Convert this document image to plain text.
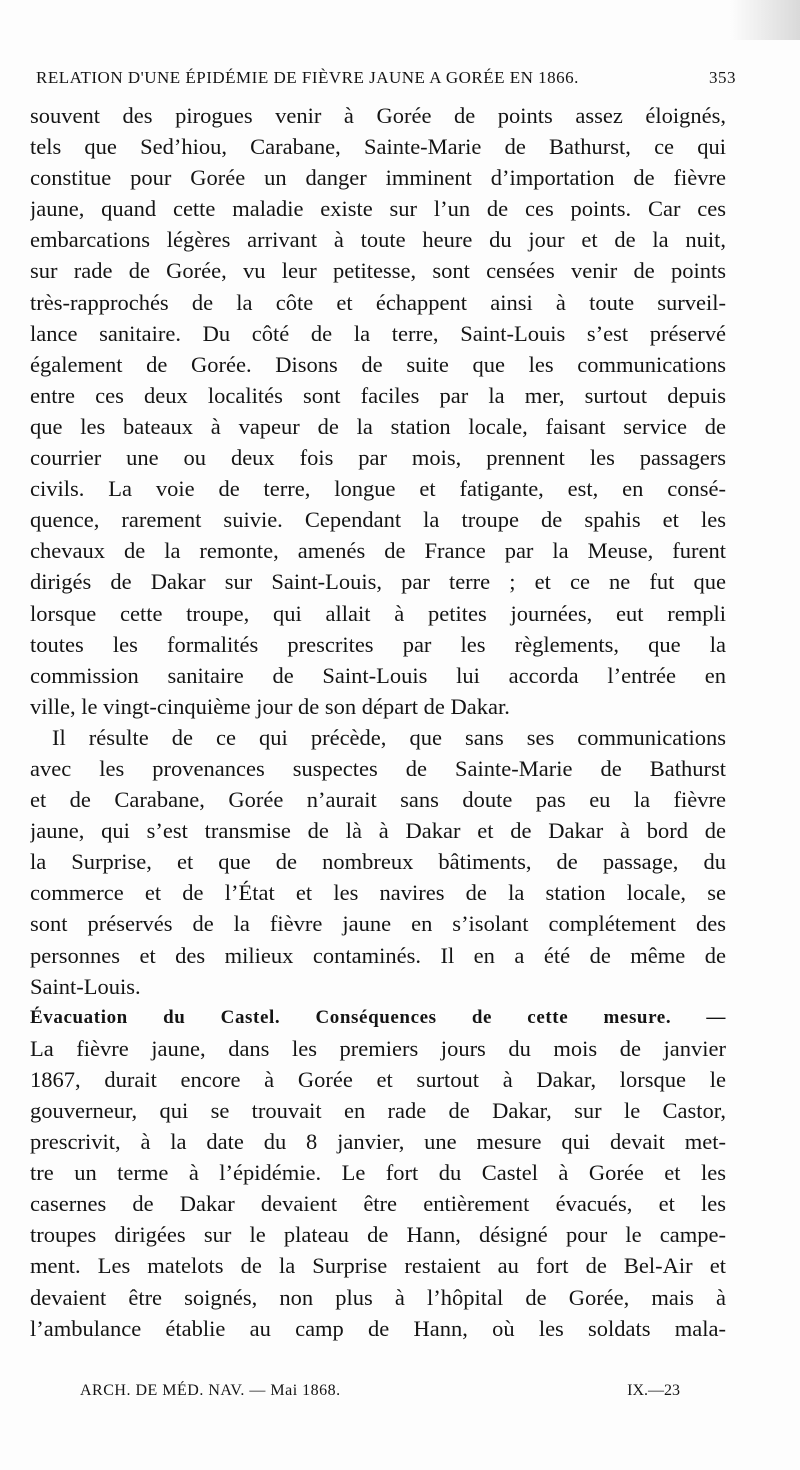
RELATION D'UNE ÉPIDÉMIE DE FIÈVRE JAUNE A GORÉE EN 1866.	353
souvent des pirogues venir à Gorée de points assez éloignés,
tels que Sed’hiou, Carabane, Sainte-Marie de Bathurst, ce qui
constitue pour Gorée un danger imminent d’importation de fièvre
jaune, quand cette maladie existe sur l’un de ces points. Car ces
embarcations légères arrivant à toute heure du jour et de la nuit,
sur rade de Gorée, vu leur petitesse, sont censées venir de points
très-rapprochés de la côte et échappent ainsi à toute surveil-
lance sanitaire. Du côté de la terre, Saint-Louis s’est préservé
également de Gorée. Disons de suite que les communications
entre ces deux localités sont faciles par la mer, surtout depuis
que les bateaux à vapeur de la station locale, faisant service de
courrier une ou deux fois par mois, prennent les passagers
civils. La voie de terre, longue et fatigante, est, en consé-
quence, rarement suivie. Cependant la troupe de spahis et les
chevaux de la remonte, amenés de France par la Meuse, furent
dirigés de Dakar sur Saint-Louis, par terre ; et ce ne fut que
lorsque cette troupe, qui allait à petites journées, eut rempli
toutes les formalités prescrites par les règlements, que la
commission sanitaire de Saint-Louis lui accorda l’entrée en
ville, le vingt-cinquième jour de son départ de Dakar.
Il résulte de ce qui précède, que sans ses communications
avec les provenances suspectes de Sainte-Marie de Bathurst
et de Carabane, Gorée n’aurait sans doute pas eu la fièvre
jaune, qui s’est transmise de là à Dakar et de Dakar à bord de
la Surprise, et que de nombreux bâtiments, de passage, du
commerce et de l’État et les navires de la station locale, se
sont préservés de la fièvre jaune en s’isolant complétement des
personnes et des milieux contaminés. Il en a été de même de
Saint-Louis.
Évacuation du Castel. Conséquences de cette mesure. —
La fièvre jaune, dans les premiers jours du mois de janvier
1867, durait encore à Gorée et surtout à Dakar, lorsque le
gouverneur, qui se trouvait en rade de Dakar, sur le Castor,
prescrivit, à la date du 8 janvier, une mesure qui devait met-
tre un terme à l’épidémie. Le fort du Castel à Gorée et les
casernes de Dakar devaient être entièrement évacués, et les
troupes dirigées sur le plateau de Hann, désigné pour le campe-
ment. Les matelots de la Surprise restaient au fort de Bel-Air et
devaient être soignés, non plus à l’hôpital de Gorée, mais à
l’ambulance établie au camp de Hann, où les soldats mala-
ARCH. DE MÉD. NAV. — Mai 1868.	IX.—23
